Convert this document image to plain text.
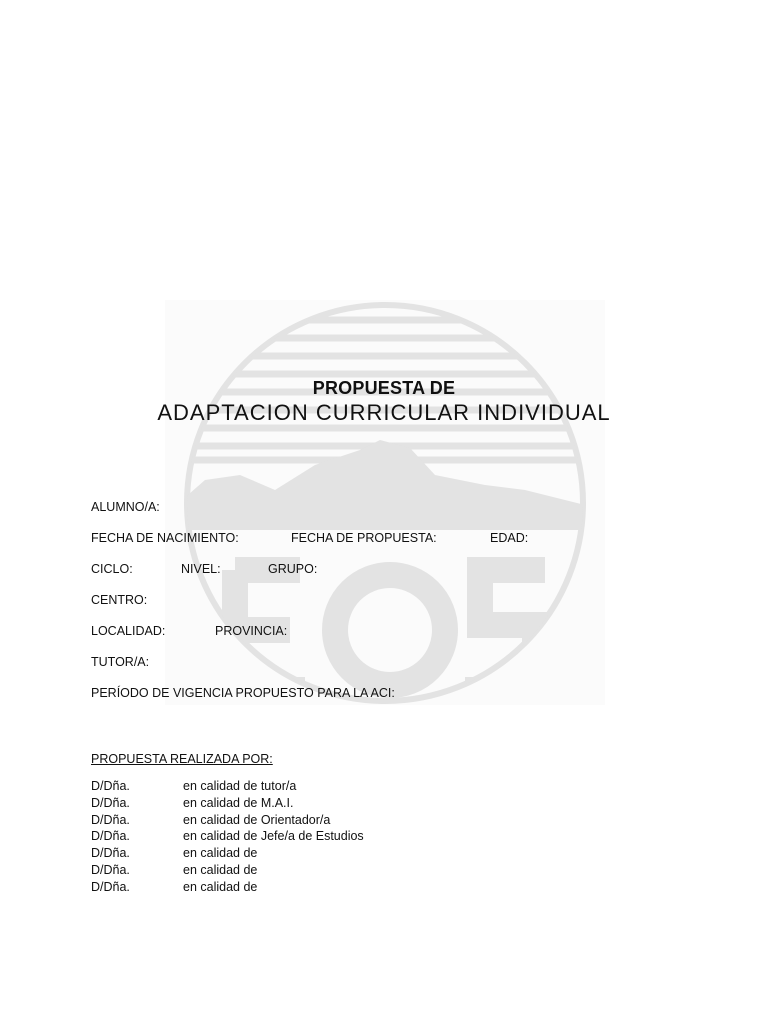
PROPUESTA DE
ADAPTACION CURRICULAR INDIVIDUAL
ALUMNO/A:
FECHA DE NACIMIENTO:	FECHA DE PROPUESTA:	EDAD:
CICLO:	NIVEL:	GRUPO:
CENTRO:
LOCALIDAD:	PROVINCIA:
TUTOR/A:
PERÍODO DE VIGENCIA PROPUESTO PARA LA ACI:
PROPUESTA REALIZADA POR:
D/Dña.	en calidad de tutor/a
D/Dña.	en calidad de M.A.I.
D/Dña.	en calidad de Orientador/a
D/Dña.	en calidad de Jefe/a de Estudios
D/Dña.	en calidad de
D/Dña.	en calidad de
D/Dña.	en calidad de
